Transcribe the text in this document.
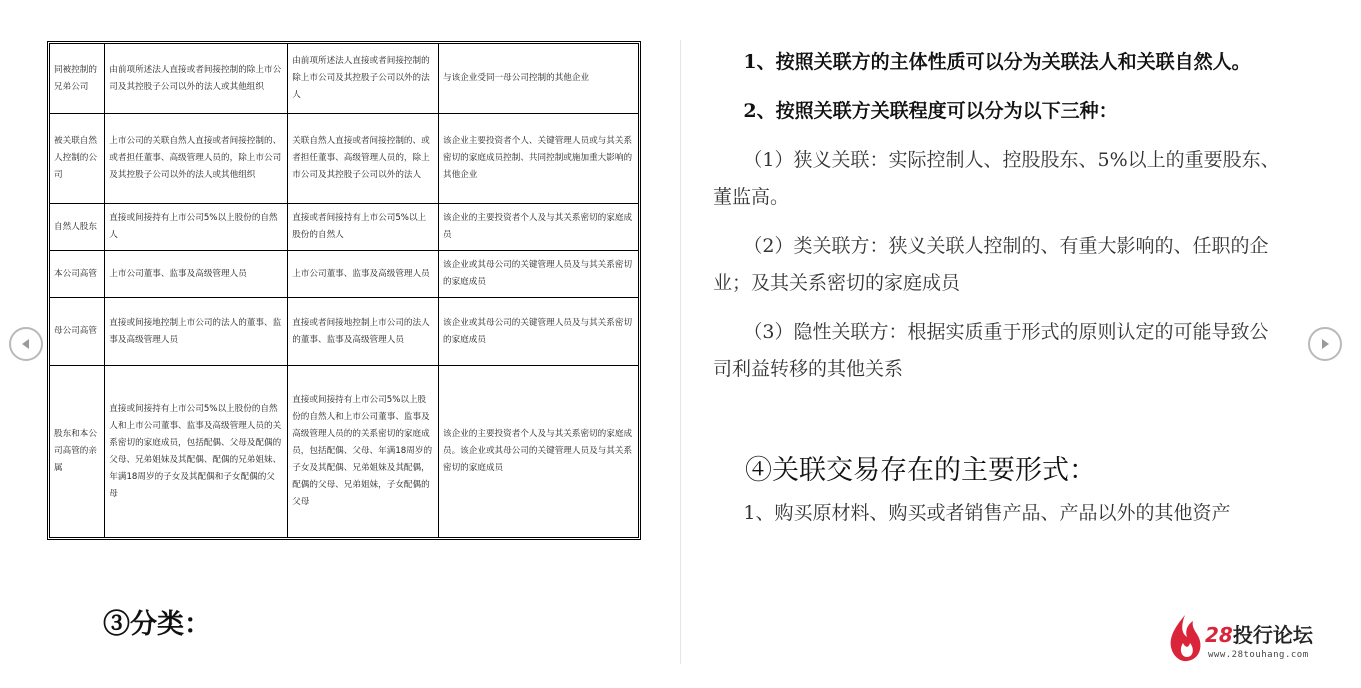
同被控制的兄弟公司	由前项所述法人直接或者间接控制的除上市公司及其控股子公司以外的法人或其他组织	由前项所述法人直接或者间接控制的除上市公司及其控股子公司以外的法人	与该企业受同一母公司控制的其他企业
被关联自然人控制的公司	上市公司的关联自然人直接或者间接控制的、或者担任董事、高级管理人员的，除上市公司及其控股子公司以外的法人或其他组织	关联自然人直接或者间接控制的、或者担任董事、高级管理人员的，除上市公司及其控股子公司以外的法人	该企业主要投资者个人、关键管理人员或与其关系密切的家庭成员控制、共同控制或施加重大影响的其他企业
自然人股东	直接或间接持有上市公司5%以上股份的自然人	直接或者间接持有上市公司5%以上股份的自然人	该企业的主要投资者个人及与其关系密切的家庭成员
本公司高管	上市公司董事、监事及高级管理人员	上市公司董事、监事及高级管理人员	该企业或其母公司的关键管理人员及与其关系密切的家庭成员
母公司高管	直接或间接地控制上市公司的法人的董事、监事及高级管理人员	直接或者间接地控制上市公司的法人的董事、监事及高级管理人员	该企业或其母公司的关键管理人员及与其关系密切的家庭成员
股东和本公司高管的亲属	直接或间接持有上市公司5%以上股份的自然人和上市公司董事、监事及高级管理人员的关系密切的家庭成员，包括配偶、父母及配偶的父母、兄弟姐妹及其配偶、配偶的兄弟姐妹、年满18周岁的子女及其配偶和子女配偶的父母	直接或间接持有上市公司5%以上股份的自然人和上市公司董事、监事及高级管理人员的的关系密切的家庭成员，包括配偶、父母、年满18周岁的子女及其配偶、兄弟姐妹及其配偶，配偶的父母、兄弟姐妹，子女配偶的父母	该企业的主要投资者个人及与其关系密切的家庭成员。该企业或其母公司的关键管理人员及与其关系密切的家庭成员
③分类：

1、按照关联方的主体性质可以分为关联法人和关联自然人。

2、按照关联方关联程度可以分为以下三种：

（1）狭义关联：实际控制人、控股股东、5%以上的重要股东、董监高。

（2）类关联方：狭义关联人控制的、有重大影响的、任职的企业；及其关系密切的家庭成员

（3）隐性关联方：根据实质重于形式的原则认定的可能导致公司利益转移的其他关系

④关联交易存在的主要形式：

1、购买原材料、购买或者销售产品、产品以外的其他资产

28投行论坛
www.28touhang.com
